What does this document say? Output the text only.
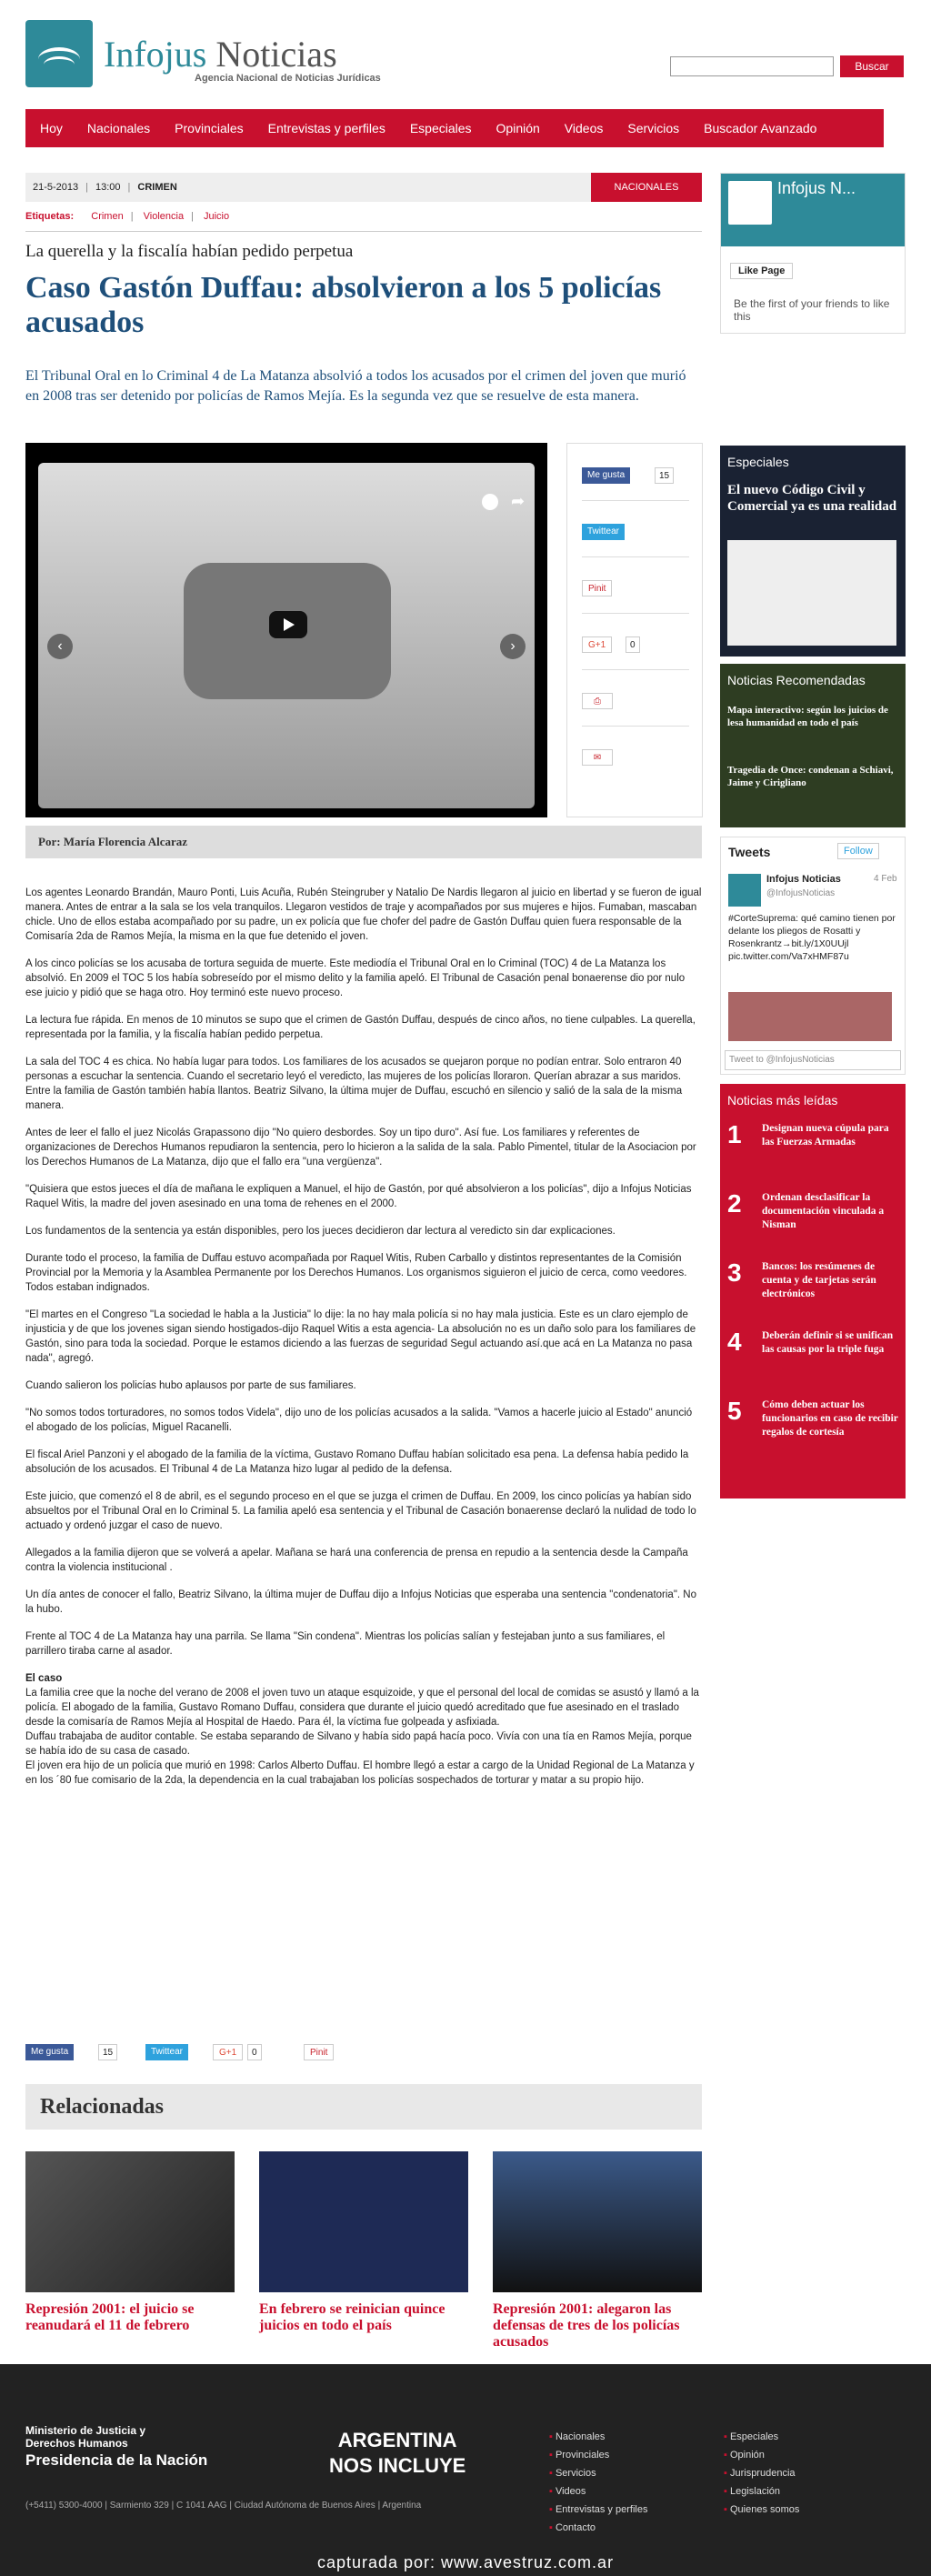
Infojus Noticias
Agencia Nacional de Noticias Jurídicas
Buscar
Hoy Nacionales Provinciales Entrevistas y perfiles Especiales Opinión Videos Servicios Buscador Avanzado
21-5-2013 | 13:00 | CRIMEN	NACIONALES
Etiquetas: Crimen | Violencia | Juicio
La querella y la fiscalía habían pedido perpetua
Caso Gastón Duffau: absolvieron a los 5 policías acusados
El Tribunal Oral en lo Criminal 4 de La Matanza absolvió a todos los acusados por el crimen del joven que murió en 2008 tras ser detenido por policías de Ramos Mejía. Es la segunda vez que se resuelve de esta manera.
‹	›
➦
Me gusta	15
Twittear
Pinit
G+1	0
⎙
✉
Por: María Florencia Alcaraz

Los agentes Leonardo Brandán, Mauro Ponti, Luis Acuña, Rubén Steingruber y Natalio De Nardis llegaron al juicio en libertad y se fueron de igual manera. Antes de entrar a la sala se los vela tranquilos. Llegaron vestidos de traje y acompañados por sus mujeres e hijos. Fumaban, mascaban chicle. Uno de ellos estaba acompañado por su padre, un ex policía que fue chofer del padre de Gastón Duffau quien fuera responsable de la Comisaría 2da de Ramos Mejía, la misma en la que fue detenido el joven.

A los cinco policías se los acusaba de tortura seguida de muerte. Este mediodía el Tribunal Oral en lo Criminal (TOC) 4 de La Matanza los absolvió. En 2009 el TOC 5 los había sobreseído por el mismo delito y la familia apeló. El Tribunal de Casación penal bonaerense dio por nulo ese juicio y pidió que se haga otro. Hoy terminó este nuevo proceso.

La lectura fue rápida. En menos de 10 minutos se supo que el crimen de Gastón Duffau, después de cinco años, no tiene culpables. La querella, representada por la familia, y la fiscalía habían pedido perpetua.

La sala del TOC 4 es chica. No había lugar para todos. Los familiares de los acusados se quejaron porque no podían entrar. Solo entraron 40 personas a escuchar la sentencia. Cuando el secretario leyó el veredicto, las mujeres de los policías lloraron. Querían abrazar a sus maridos. Entre la familia de Gastón también había llantos. Beatriz Silvano, la última mujer de Duffau, escuchó en silencio y salió de la sala de la misma manera.

Antes de leer el fallo el juez Nicolás Grapassono dijo "No quiero desbordes. Soy un tipo duro". Así fue. Los familiares y referentes de organizaciones de Derechos Humanos repudiaron la sentencia, pero lo hicieron a la salida de la sala. Pablo Pimentel, titular de la Asociacion por los Derechos Humanos de La Matanza, dijo que el fallo era "una vergüenza".

"Quisiera que estos jueces el día de mañana le expliquen a Manuel, el hijo de Gastón, por qué absolvieron a los policías", dijo a Infojus Noticias Raquel Witis, la madre del joven asesinado en una toma de rehenes en el 2000.

Los fundamentos de la sentencia ya están disponibles, pero los jueces decidieron dar lectura al veredicto sin dar explicaciones.

Durante todo el proceso, la familia de Duffau estuvo acompañada por Raquel Witis, Ruben Carballo y distintos representantes de la Comisión Provincial por la Memoria y la Asamblea Permanente por los Derechos Humanos. Los organismos siguieron el juicio de cerca, como veedores. Todos estaban indignados.

"El martes en el Congreso "La sociedad le habla a la Justicia" lo dije: la no hay mala policía si no hay mala justicia. Este es un claro ejemplo de injusticia y de que los jovenes sigan siendo hostigados-dijo Raquel Witis a esta agencia- La absolución no es un daño solo para los familiares de Gastón, sino para toda la sociedad. Porque le estamos diciendo a las fuerzas de seguridad Segul actuando así.que acá en La Matanza no pasa nada", agregó.

Cuando salieron los policías hubo aplausos por parte de sus familiares.

"No somos todos torturadores, no somos todos Videla", dijo uno de los policías acusados a la salida. "Vamos a hacerle juicio al Estado" anunció el abogado de los policías, Miguel Racanelli.

El fiscal Ariel Panzoni y el abogado de la familia de la víctima, Gustavo Romano Duffau habían solicitado esa pena. La defensa había pedido la absolución de los acusados. El Tribunal 4 de La Matanza hizo lugar al pedido de la defensa.

Este juicio, que comenzó el 8 de abril, es el segundo proceso en el que se juzga el crimen de Duffau. En 2009, los cinco policías ya habían sido absueltos por el Tribunal Oral en lo Criminal 5. La familia apeló esa sentencia y el Tribunal de Casación bonaerense declaró la nulidad de todo lo actuado y ordenó juzgar el caso de nuevo.

Allegados a la familia dijeron que se volverá a apelar. Mañana se hará una conferencia de prensa en repudio a la sentencia desde la Campaña contra la violencia institucional .

Un día antes de conocer el fallo, Beatriz Silvano, la última mujer de Duffau dijo a Infojus Noticias que esperaba una sentencia "condenatoria". No la hubo.

Frente al TOC 4 de La Matanza hay una parrila. Se llama "Sin condena". Mientras los policías salían y festejaban junto a sus familiares, el parrillero tiraba carne al asador.

El caso

La familia cree que la noche del verano de 2008 el joven tuvo un ataque esquizoide, y que el personal del local de comidas se asustó y llamó a la policía. El abogado de la familia, Gustavo Romano Duffau, considera que durante el juicio quedó acreditado que fue asesinado en el traslado desde la comisaría de Ramos Mejía al Hospital de Haedo. Para él, la víctima fue golpeada y asfixiada.

Duffau trabajaba de auditor contable. Se estaba separando de Silvano y había sido papá hacía poco. Vivía con una tía en Ramos Mejía, porque se había ido de su casa de casado.

El joven era hijo de un policía que murió en 1998: Carlos Alberto Duffau. El hombre llegó a estar a cargo de la Unidad Regional de La Matanza y en los ´80 fue comisario de la 2da, la dependencia en la cual trabajaban los policías sospechados de torturar y matar a su propio hijo.

Me gusta	15	Twittear	G+1	0	Pinit
Relacionadas
Represión 2001: el juicio se reanudará el 11 de febrero
En febrero se reinician quince juicios en todo el país
Represión 2001: alegaron las defensas de tres de los policías acusados
Infojus N...
Like Page
Be the first of your friends to like this
Especiales
El nuevo Código Civil y Comercial ya es una realidad
Noticias Recomendadas
Mapa interactivo: según los juicios de lesa humanidad en todo el país
Tragedia de Once: condenan a Schiavi, Jaime y Cirigliano
Tweets	Follow
Infojus Noticias	4 Feb
@InfojusNoticias
#CorteSuprema: qué camino tienen por delante los pliegos de Rosatti y Rosenkrantz→bit.ly/1X0UUjl pic.twitter.com/Va7xHMF87u
Tweet to @InfojusNoticias
Noticias más leídas
1 Designan nueva cúpula para las Fuerzas Armadas
2 Ordenan desclasificar la documentación vinculada a Nisman
3 Bancos: los resúmenes de cuenta y de tarjetas serán electrónicos
4 Deberán definir si se unifican las causas por la triple fuga
5 Cómo deben actuar los funcionarios en caso de recibir regalos de cortesía
Ministerio de Justicia y Derechos Humanos
Presidencia de la Nación
(+5411) 5300-4000 | Sarmiento 329 | C 1041 AAG | Ciudad Autónoma de Buenos Aires | Argentina
ARGENTINA
NOS INCLUYE
▪ Nacionales
▪ Provinciales
▪ Servicios
▪ Videos
▪ Entrevistas y perfiles
▪ Contacto
▪ Especiales
▪ Opinión
▪ Jurisprudencia
▪ Legislación
▪ Quienes somos
capturada por: www.avestruz.com.ar
